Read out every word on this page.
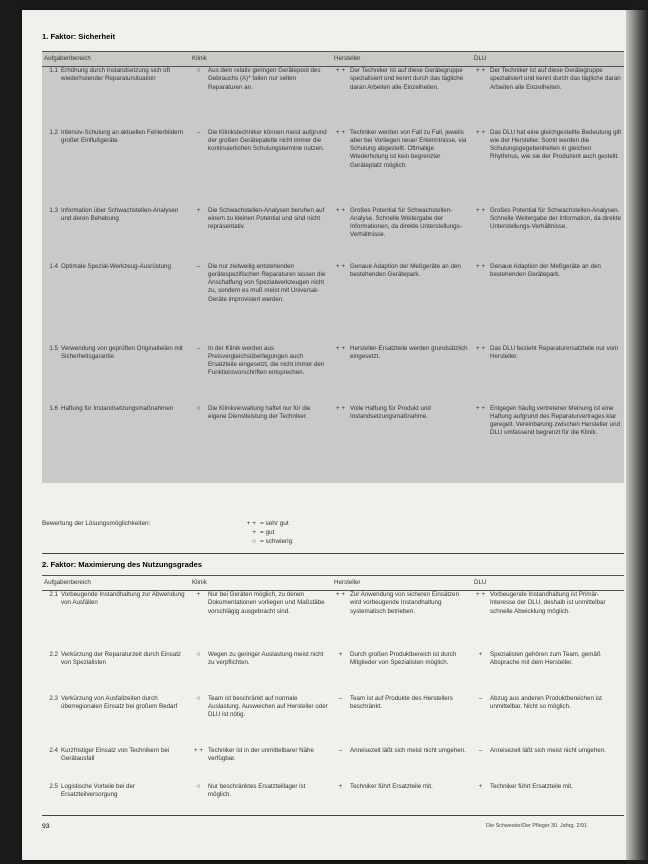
1. Faktor: Sicherheit
Aufgabenbereich	Klinik	Hersteller	DLU

1.1 Erhöhung durch Instandsetzung sich oft wiederholender Reparatursituation	○ Aus dem relativ geringen Gerätepool des Gebrauchs (A)* fallen nur selten Reparaturen an.	+ + Der Techniker ist auf diese Gerätegruppe spezialisiert und kennt durch das tägliche daran Arbeiten alle Einzelheiten.	+ + Der Techniker ist auf diese Gerätegruppe spezialisiert und kennt durch das tägliche daran Arbeiten alle Einzelheiten.

1.2 Intensiv-Schulung an aktuellen Fehlerbildern großer Einflußgeräte	– Die Klinikstechniker können meist aufgrund der großen Gerätepalette nicht immer die kontinuierlichen Schulungstermine nutzen.	+ + Techniker werden von Fall zu Fall, jeweils aber bei Vorliegen neuer Erkenntnisse, via Schulung abgestellt. Oftmalige Wiederholung ist kein begrenzter Geräteplatz möglich.	+ + Das DLU hat eine gleichgestellte Bedeutung gilt wie der Hersteller. Somit werden die Schulungsgegebenheiten in gleichen Rhythmus, wie sie der Produzent auch gestellt.

1.3 Information über Schwachstellen-Analysen und deren Behebung	+ Die Schwachstellen-Analysen beruhen auf einem zu kleinen Potential und sind nicht repräsentativ.	+ + Großes Potential für Schwachstellen-Analyse. Schnelle Weitergabe der Informationen, da direkte Unterstellungs-Verhältnisse.	+ + Großes Potential für Schwachstellen-Analysen. Schnelle Weitergabe der Information, da direkte Unterstellungs-Verhältnisse.

1.4 Optimale Spezial-Werkzeug-Ausrüstung	– Die nur zeitweilig entstehenden gerätespezifischen Reparaturen lassen die Anschaffung von Spezialwerkzeugen nicht zu, sondern es muß meist mit Universal-Geräte improvisiert werden.	+ + Genaue Adaption der Meßgeräte an den bestehenden Gerätepark.	+ + Genaue Adaption der Meßgeräte an den bestehenden Gerätepark.

1.5 Verwendung von geprüften Originalteilen mit Sicherheitsgarantie	– In der Klinik werden aus Preisvergleichsüberlegungen auch Ersatzteile eingesetzt, die nicht immer den Funktionsvorschriften entsprechen.	+ + Hersteller-Ersatzteile werden grundsätzlich eingesetzt.	+ + Das DLU bezieht Reparaturersatzteile nur vom Hersteller.

1.6 Haftung für Instandsetzungsmaßnahmen	○ Die Klinikverwaltung haftet nur für die eigene Dienstleistung der Techniker.	+ + Volle Haftung für Produkt und Instandsetzungsmaßnahme.	+ + Entgegen häufig vertretener Meinung ist eine Haftung aufgrund des Reparaturvertrages klar geregelt. Vereinbarung zwischen Hersteller und DLU umfassend begrenzt für die Klinik.
Bewertung der Lösungsmöglichkeiten:	+ + = sehr gut
+ = gut
○ = schwierig
2. Faktor: Maximierung des Nutzungsgrades
Aufgabenbereich	Klinik	Hersteller	DLU

2.1 Vorbeugende Instandhaltung zur Abwendung von Ausfällen	+ Nur bei Geräten möglich, zu denen Dokumentationen vorliegen und Maßstäbe vorschlägig ausgebracht sind.	+ + Zur Anwendung von sicheren Einsätzen wird vorbeugende Instandhaltung systematisch betrieben.	+ + Vorbeugende Instandhaltung ist Primär-Interesse der DLU, deshalb ist unmittelbar schnelle Abwicklung möglich.

2.2 Verkürzung der Reparaturzeit durch Einsatz von Spezialisten	○ Wegen zu geringer Auslastung meist nicht zu verpflichten.	+ Durch großen Produktbereich ist durch Mitglieder von Spezialisten möglich.	+ Spezialisten gehören zum Team, gemäß Absprache mit dem Hersteller.

2.3 Verkürzung von Ausfallzeiten durch überregionalen Einsatz bei großem Bedarf	○ Team ist beschränkt auf normale Auslastung. Ausweichen auf Hersteller oder DLU ist nötig.	– Team ist auf Produkte des Herstellers beschränkt.	– Abzug aus anderen Produktbereichen ist unmittelbar. Nicht so möglich.

2.4 Kurzfristiger Einsatz von Technikern bei Gerätausfall	+ + Techniker ist in der unmittelbarer Nähe verfügbar.	– Anreisezeit läßt sich meist nicht umgehen.	– Anreisezeit läßt sich meist nicht umgehen.

2.5 Logistische Vorteile bei der Ersatzteilversorgung	○ Nur beschränktes Ersatzteillager ist möglich.	+ Techniker führt Ersatzteile mit.	+ Techniker führt Ersatzteile mit.
93	Die Schwester/Der Pfleger 30. Jahrg. 2/91
